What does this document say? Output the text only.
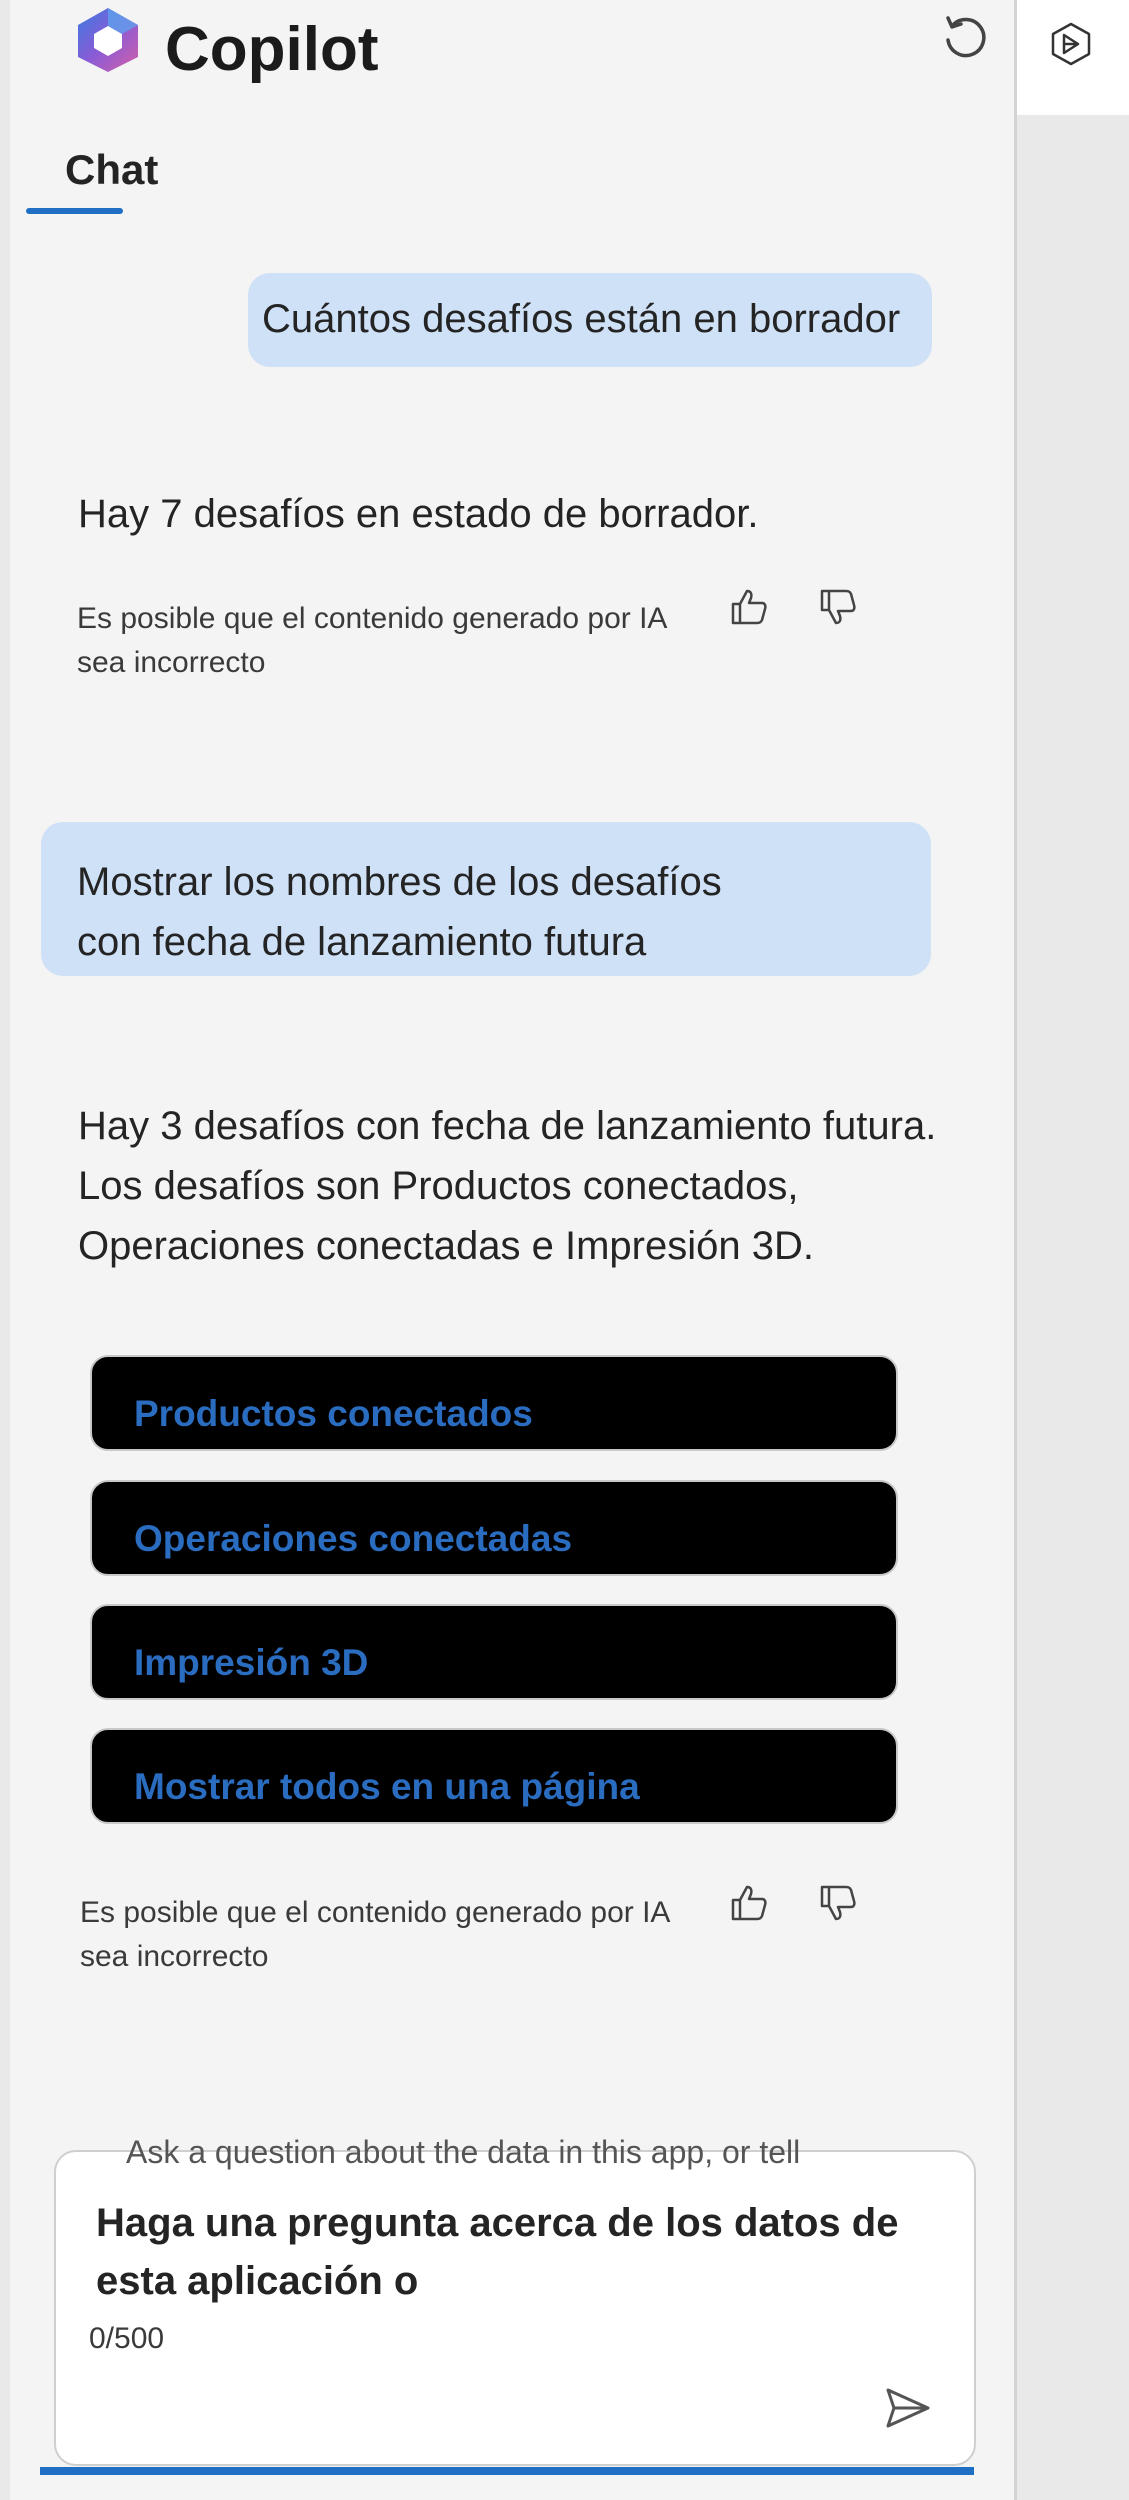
Copilot
Chat
Cuántos desafíos están en borrador
Hay 7 desafíos en estado de borrador.
Es posible que el contenido generado por IA sea incorrecto
Mostrar los nombres de los desafíos con fecha de lanzamiento futura
Hay 3 desafíos con fecha de lanzamiento futura. Los desafíos son Productos conectados, Operaciones conectadas e Impresión 3D.
Productos conectados
Operaciones conectadas
Impresión 3D
Mostrar todos en una página
Es posible que el contenido generado por IA sea incorrecto
Ask a question about the data in this app, or tell
Haga una pregunta acerca de los datos de esta aplicación o
0/500
